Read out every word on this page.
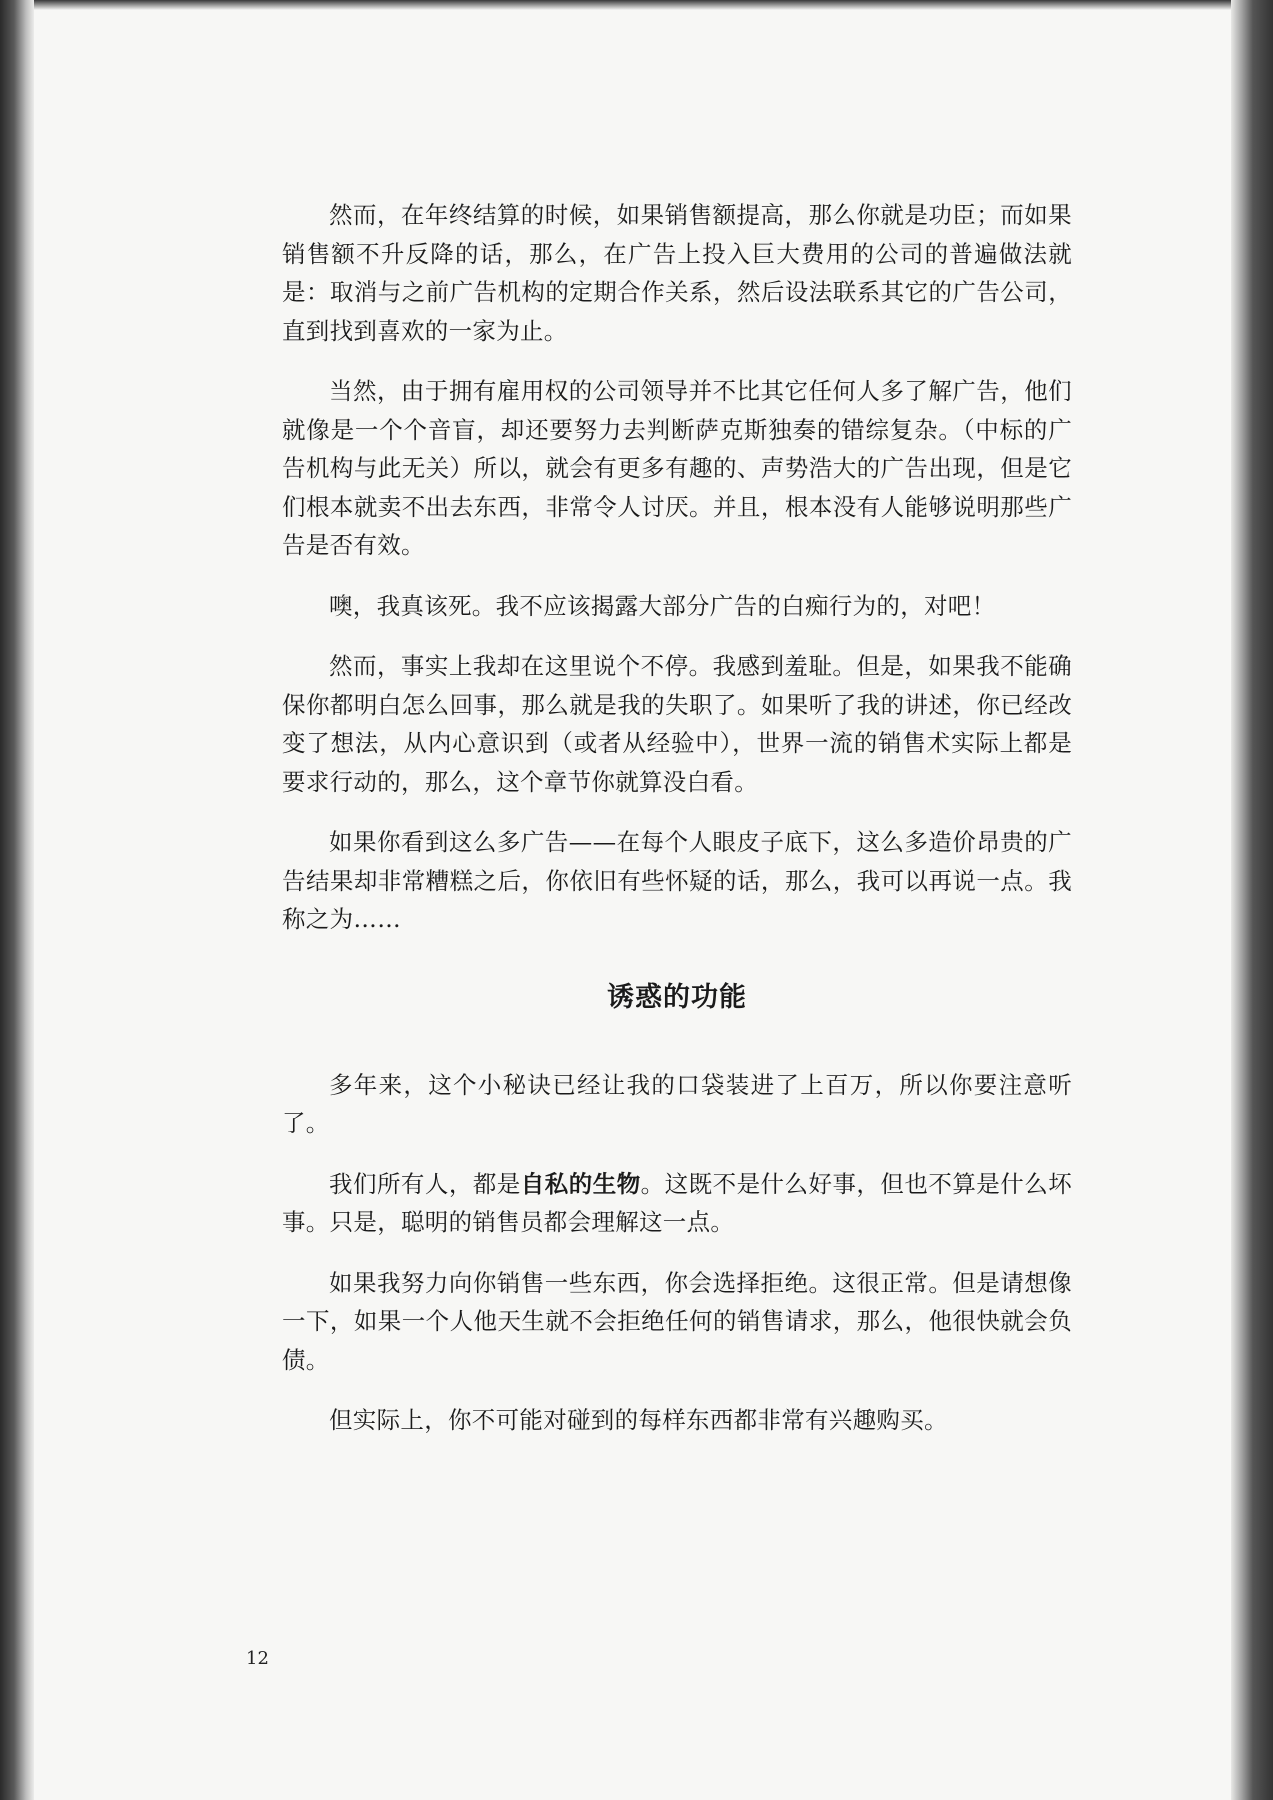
然而，在年终结算的时候，如果销售额提高，那么你就是功臣；而如果销售额不升反降的话，那么，在广告上投入巨大费用的公司的普遍做法就是：取消与之前广告机构的定期合作关系，然后设法联系其它的广告公司，直到找到喜欢的一家为止。

当然，由于拥有雇用权的公司领导并不比其它任何人多了解广告，他们就像是一个个音盲，却还要努力去判断萨克斯独奏的错综复杂。（中标的广告机构与此无关）所以，就会有更多有趣的、声势浩大的广告出现，但是它们根本就卖不出去东西，非常令人讨厌。并且，根本没有人能够说明那些广告是否有效。

噢，我真该死。我不应该揭露大部分广告的白痴行为的，对吧！

然而，事实上我却在这里说个不停。我感到羞耻。但是，如果我不能确保你都明白怎么回事，那么就是我的失职了。如果听了我的讲述，你已经改变了想法，从内心意识到（或者从经验中），世界一流的销售术实际上都是要求行动的，那么，这个章节你就算没白看。

如果你看到这么多广告——在每个人眼皮子底下，这么多造价昂贵的广告结果却非常糟糕之后，你依旧有些怀疑的话，那么，我可以再说一点。我称之为……

诱惑的功能

多年来，这个小秘诀已经让我的口袋装进了上百万，所以你要注意听了。

我们所有人，都是自私的生物。这既不是什么好事，但也不算是什么坏事。只是，聪明的销售员都会理解这一点。

如果我努力向你销售一些东西，你会选择拒绝。这很正常。但是请想像一下，如果一个人他天生就不会拒绝任何的销售请求，那么，他很快就会负债。

但实际上，你不可能对碰到的每样东西都非常有兴趣购买。

12
